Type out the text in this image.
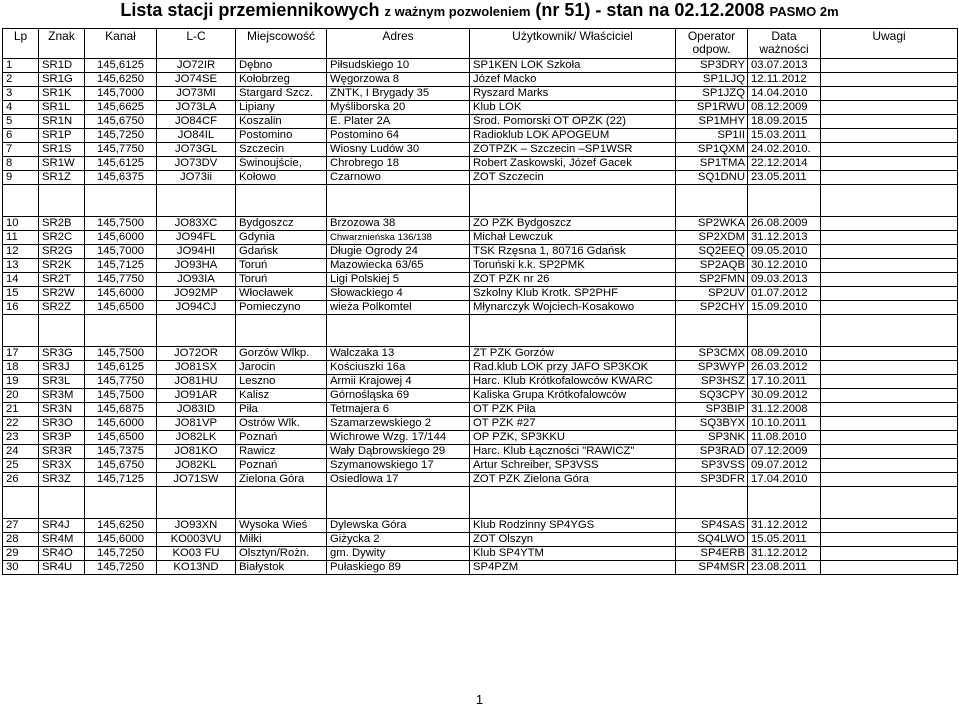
Lista stacji przemiennikowych z ważnym pozwoleniem (nr 51) - stan na 02.12.2008 PASMO 2m
Lp	Znak	Kanał	L-C	Miejscowość	Adres	Użytkownik/ Właściciel	Operator odpow.	Data ważności	Uwagi
1	SR1D	145,6125	JO72IR	Dębno	Piłsudskiego 10	SP1KEN LOK Szkoła	SP3DRY	03.07.2013	
2	SR1G	145,6250	JO74SE	Kołobrzeg	Węgorzowa 8	Józef Macko	SP1LJQ	12.11.2012	
3	SR1K	145,7000	JO73MI	Stargard Szcz.	ZNTK, I Brygady 35	Ryszard Marks	SP1JZQ	14.04.2010	
4	SR1L	145,6625	JO73LA	Lipiany	Myśliborska 20	Klub LOK	SP1RWU	08.12.2009	
5	SR1N	145,6750	JO84CF	Koszalin	E. Plater 2A	Środ. Pomorski OT OPZK (22)	SP1MHY	18.09.2015	
6	SR1P	145,7250	JO84IL	Postomino	Postomino 64	Radioklub LOK APOGEUM	SP1II	15.03.2011	
7	SR1S	145,7750	JO73GL	Szczecin	Wiosny Ludów 30	ZOTPZK – Szczecin –SP1WSR	SP1QXM	24.02.2010.	
8	SR1W	145,6125	JO73DV	Świnoujście,	Chrobrego 18	Robert Zaskowski, Józef Gacek	SP1TMA	22.12.2014	
9	SR1Z	145,6375	JO73ii	Kołowo	Czarnowo	ZOT Szczecin	SQ1DNU	23.05.2011	

10	SR2B	145,7500	JO83XC	Bydgoszcz	Brzozowa 38	ZO PZK Bydgoszcz	SP2WKA	26.08.2009	
11	SR2C	145,6000	JO94FL	Gdynia	Chwarznieńska 136/138	Michał Lewczuk	SP2XDM	31.12.2013	
12	SR2G	145,7000	JO94HI	Gdańsk	Długie Ogrody 24	TSK Rzęsna 1, 80716 Gdańsk	SQ2EEQ	09.05.2010	
13	SR2K	145,7125	JO93HA	Toruń	Mazowiecka 63/65	Toruński k.k. SP2PMK	SP2AQB	30.12.2010	
14	SR2T	145,7750	JO93IA	Toruń	Ligi Polskiej 5	ZOT PZK nr 26	SP2FMN	09.03.2013	
15	SR2W	145,6000	JO92MP	Włocławek	Słowackiego 4	Szkolny Klub Krotk. SP2PHF	SP2UV	01.07.2012	
16	SR2Z	145,6500	JO94CJ	Pomieczyno	wieża Polkomtel	Młynarczyk Wojciech-Kosakowo	SP2CHY	15.09.2010	

17	SR3G	145,7500	JO72OR	Gorzów Wlkp.	Walczaka 13	ZT PZK Gorzów	SP3CMX	08.09.2010	
18	SR3J	145,6125	JO81SX	Jarocin	Kościuszki 16a	Rad.klub LOK przy JAFO SP3KOK	SP3WYP	26.03.2012	
19	SR3L	145,7750	JO81HU	Leszno	Armii Krajowej 4	Harc. Klub Krótkofalowców KWARC	SP3HSZ	17.10.2011	
20	SR3M	145,7500	JO91AR	Kalisz	Górnośląska 69	Kaliska Grupa Krótkofalowców	SQ3CPY	30.09.2012	
21	SR3N	145,6875	JO83ID	Piła	Tetmajera 6	OT PZK Piła	SP3BIP	31.12.2008	
22	SR3O	145,6000	JO81VP	Ostrów Wlk.	Szamarzewskiego 2	OT PZK #27	SQ3BYX	10.10.2011	
23	SR3P	145,6500	JO82LK	Poznań	Wichrowe Wzg. 17/144	OP PZK, SP3KKU	SP3NK	11.08.2010	
24	SR3R	145,7375	JO81KO	Rawicz	Wały Dąbrowskiego 29	Harc. Klub Łączności "RAWICZ"	SP3RAD	07.12.2009	
25	SR3X	145,6750	JO82KL	Poznań	Szymanowskiego 17	Artur Schreiber, SP3VSS	SP3VSS	09.07.2012	
26	SR3Z	145,7125	JO71SW	Zielona Góra	Osiedlowa 17	ZOT PZK Zielona Góra	SP3DFR	17.04.2010	

27	SR4J	145,6250	JO93XN	Wysoka Wieś	Dylewska Góra	Klub Rodzinny SP4YGS	SP4SAS	31.12.2012	
28	SR4M	145,6000	KO003VU	Miłki	Giżycka 2	ZOT Olszyn	SQ4LWO	15.05.2011	
29	SR4O	145,7250	KO03 FU	Olsztyn/Rożn.	gm. Dywity	Klub SP4YTM	SP4ERB	31.12.2012	
30	SR4U	145,7250	KO13ND	Białystok	Pułaskiego 89	SP4PZM	SP4MSR	23.08.2011	
1
